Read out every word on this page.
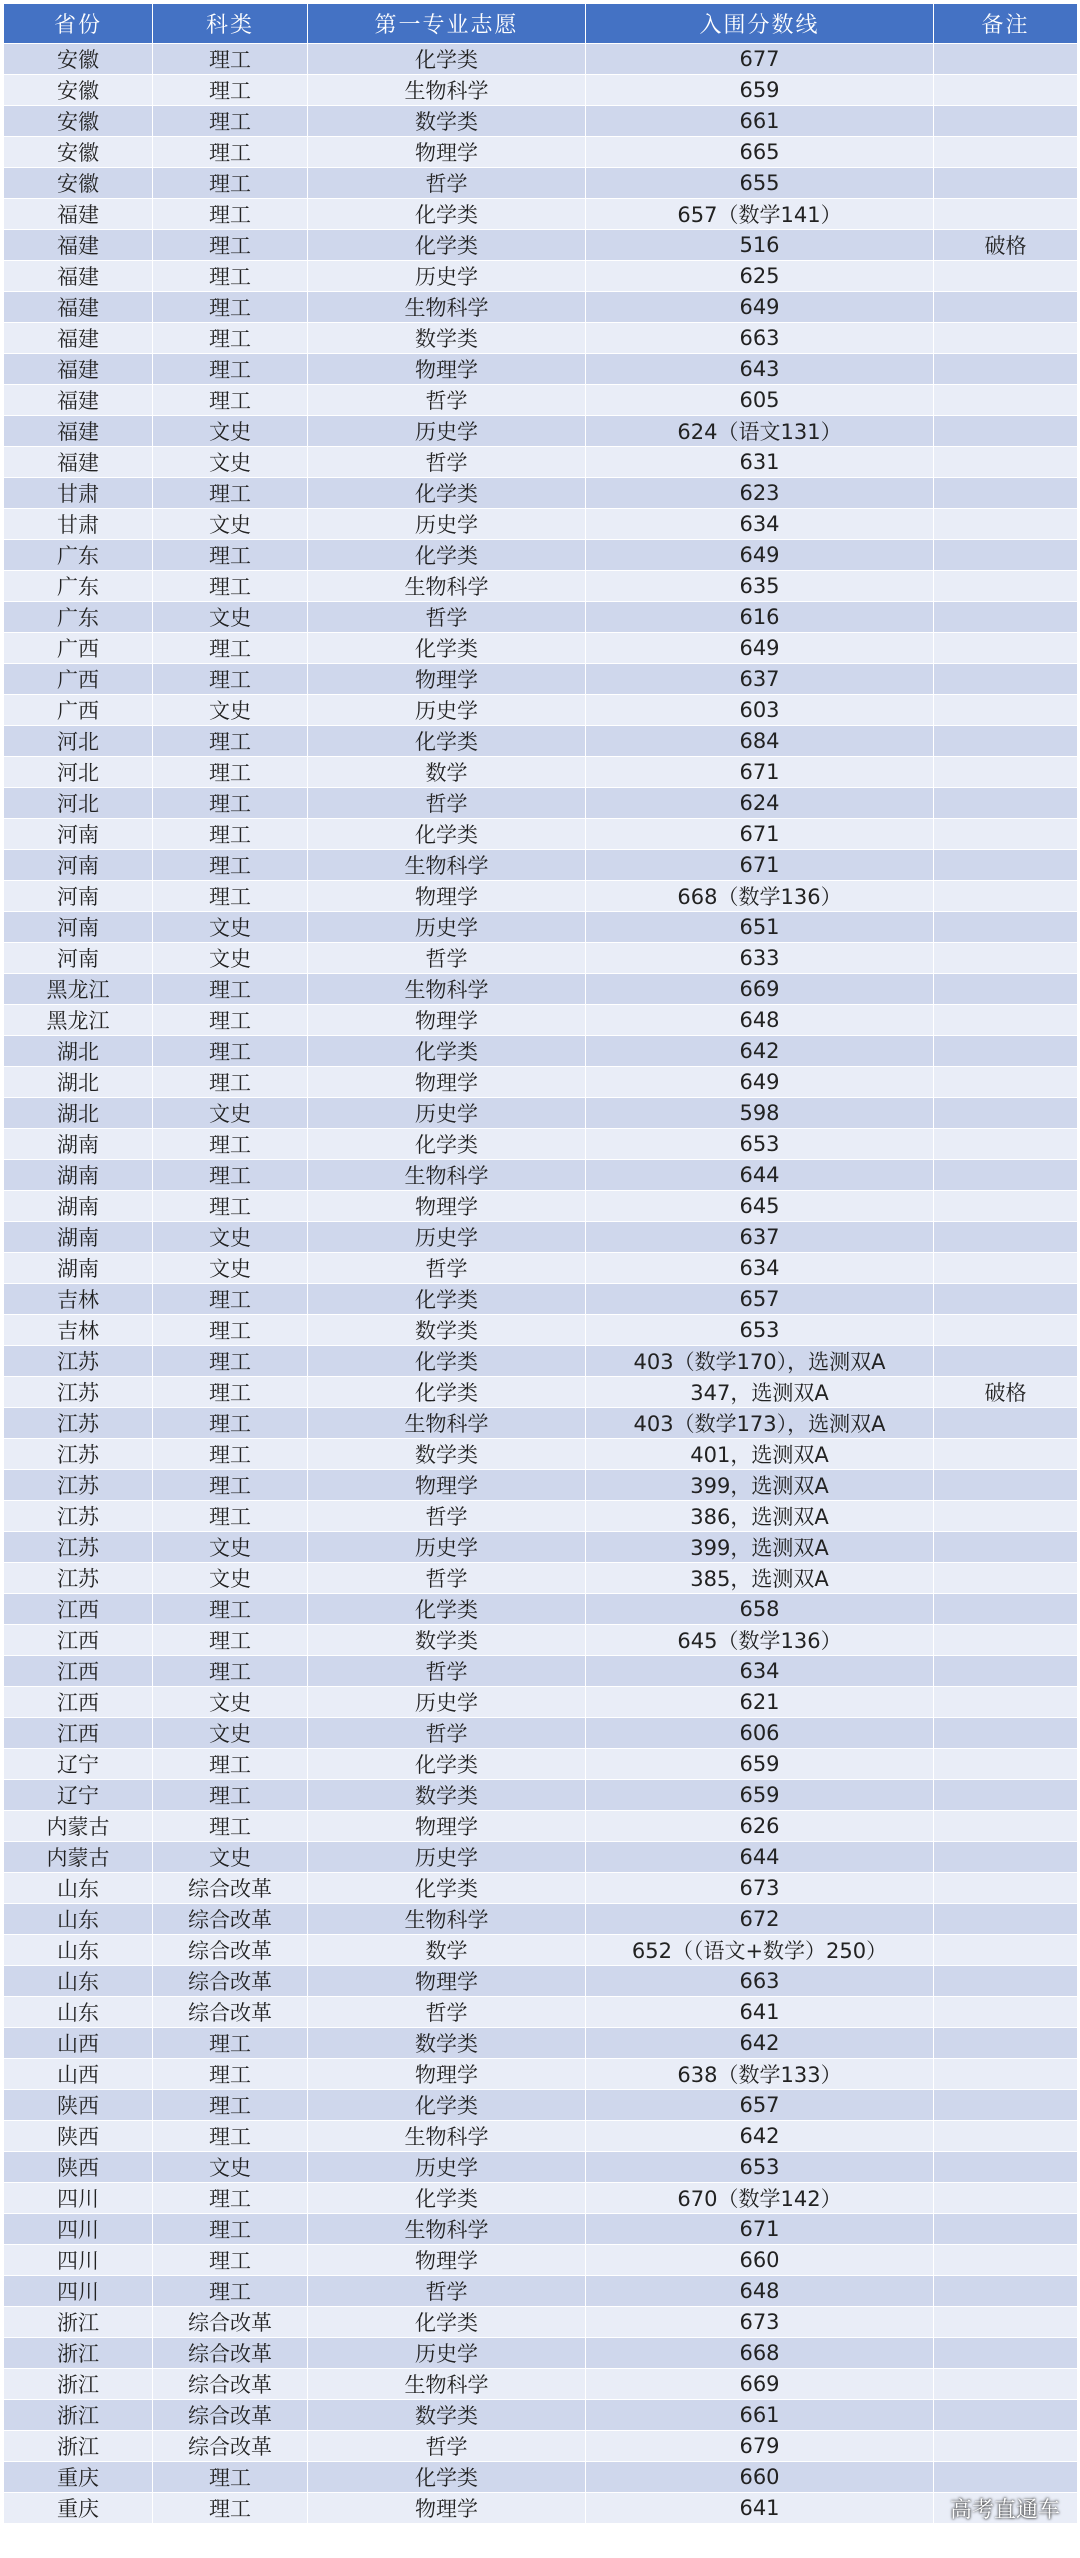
省份	科类	第一专业志愿	入围分数线	备注
安徽	理工	化学类	677	
安徽	理工	生物科学	659	
安徽	理工	数学类	661	
安徽	理工	物理学	665	
安徽	理工	哲学	655	
福建	理工	化学类	657（数学141）	
福建	理工	化学类	516	破格
福建	理工	历史学	625	
福建	理工	生物科学	649	
福建	理工	数学类	663	
福建	理工	物理学	643	
福建	理工	哲学	605	
福建	文史	历史学	624（语文131）	
福建	文史	哲学	631	
甘肃	理工	化学类	623	
甘肃	文史	历史学	634	
广东	理工	化学类	649	
广东	理工	生物科学	635	
广东	文史	哲学	616	
广西	理工	化学类	649	
广西	理工	物理学	637	
广西	文史	历史学	603	
河北	理工	化学类	684	
河北	理工	数学	671	
河北	理工	哲学	624	
河南	理工	化学类	671	
河南	理工	生物科学	671	
河南	理工	物理学	668（数学136）	
河南	文史	历史学	651	
河南	文史	哲学	633	
黑龙江	理工	生物科学	669	
黑龙江	理工	物理学	648	
湖北	理工	化学类	642	
湖北	理工	物理学	649	
湖北	文史	历史学	598	
湖南	理工	化学类	653	
湖南	理工	生物科学	644	
湖南	理工	物理学	645	
湖南	文史	历史学	637	
湖南	文史	哲学	634	
吉林	理工	化学类	657	
吉林	理工	数学类	653	
江苏	理工	化学类	403（数学170），选测双A	
江苏	理工	化学类	347，选测双A	破格
江苏	理工	生物科学	403（数学173），选测双A	
江苏	理工	数学类	401，选测双A	
江苏	理工	物理学	399，选测双A	
江苏	理工	哲学	386，选测双A	
江苏	文史	历史学	399，选测双A	
江苏	文史	哲学	385，选测双A	
江西	理工	化学类	658	
江西	理工	数学类	645（数学136）	
江西	理工	哲学	634	
江西	文史	历史学	621	
江西	文史	哲学	606	
辽宁	理工	化学类	659	
辽宁	理工	数学类	659	
内蒙古	理工	物理学	626	
内蒙古	文史	历史学	644	
山东	综合改革	化学类	673	
山东	综合改革	生物科学	672	
山东	综合改革	数学	652（（语文+数学）250）	
山东	综合改革	物理学	663	
山东	综合改革	哲学	641	
山西	理工	数学类	642	
山西	理工	物理学	638（数学133）	
陕西	理工	化学类	657	
陕西	理工	生物科学	642	
陕西	文史	历史学	653	
四川	理工	化学类	670（数学142）	
四川	理工	生物科学	671	
四川	理工	物理学	660	
四川	理工	哲学	648	
浙江	综合改革	化学类	673	
浙江	综合改革	历史学	668	
浙江	综合改革	生物科学	669	
浙江	综合改革	数学类	661	
浙江	综合改革	哲学	679	
重庆	理工	化学类	660	
重庆	理工	物理学	641		高考直通车
